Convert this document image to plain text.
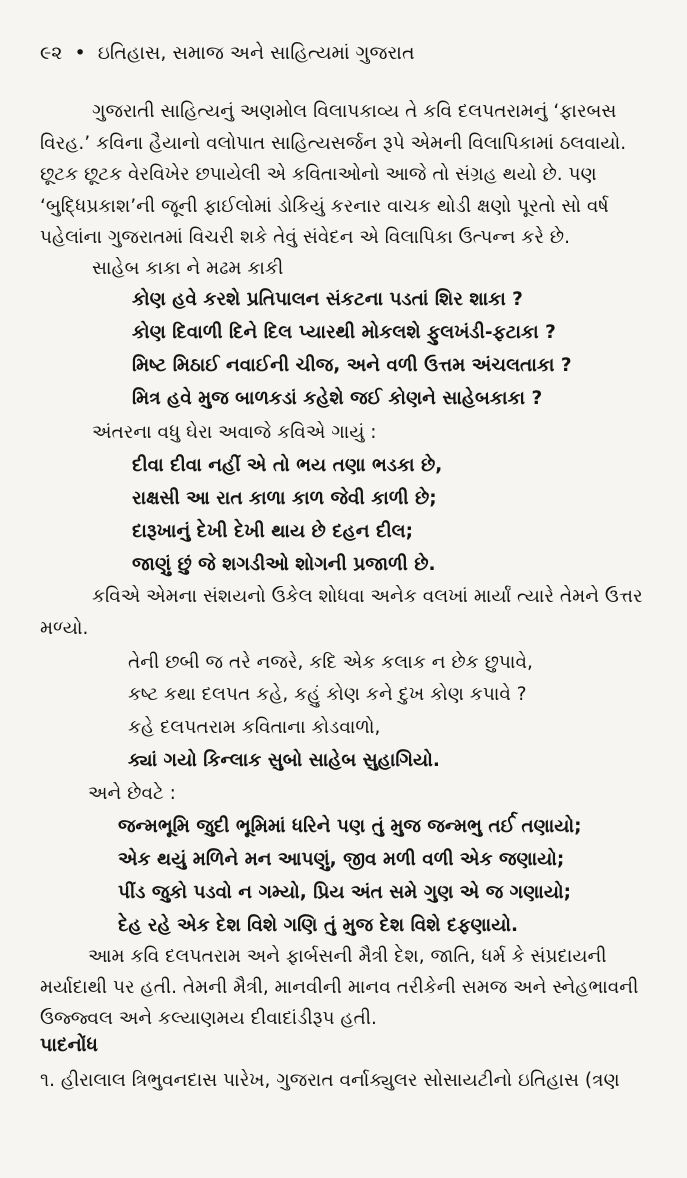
૯૨ • ઇતિહાસ, સમાજ અને સાહિત્યમાં ગુજરાત
ગુજરાતી સાહિત્યનું અણમોલ વિલાપકાવ્ય તે કવિ દલપતરામનું ‘ફારબસ વિરહ.’ કવિના હૈયાનો વલોપાત સાહિત્યસર્જન રૂપે એમની વિલાપિકામાં ઠલવાયો. છૂટક છૂટક વેરવિખેર છપાયેલી એ કવિતાઓનો આજે તો સંગ્રહ થયો છે. પણ ‘બુદ્ધિપ્રકાશ’ની જૂની ફાઈલોમાં ડોકિયું કરનાર વાચક થોડી ક્ષણો પૂરતો સો વર્ષ પહેલાંના ગુજરાતમાં વિચરી શકે તેવું સંવેદન એ વિલાપિકા ઉત્પન્ન કરે છે.
સાહેબ કાકા ને મઢમ કાકી
કોણ હવે કરશે પ્રતિપાલન સંકટના પડતાં શિર શાકા ?
કોણ દિવાળી દિને દિલ પ્યારથી મોકલશે ફુલખંડી-ફટાકા ?
મિષ્ટ મિઠાઈ નવાઈની ચીજ, અને વળી ઉત્તમ અંચલતાકા ?
મિત્ર હવે મુજ બાળકડાં કહેશે જઈ કોણને સાહેબકાકા ?
અંતરના વધુ ઘેરા અવાજે કવિએ ગાયું :
દીવા દીવા નહીં એ તો ભય તણા ભડકા છે,
રાક્ષસી આ રાત કાળા કાળ જેવી કાળી છે;
દારૂખાનું દેખી દેખી થાય છે દહન દીલ;
જાણું છું જે શગડીઓ શોગની પ્રજાળી છે.
કવિએ એમના સંશયનો ઉકેલ શોધવા અનેક વલખાં માર્યાં ત્યારે તેમને ઉત્તર
મળ્યો.
તેની છબી જ તરે નજરે, કદિ એક કલાક ન છેક છુપાવે,
કષ્ટ કથા દલપત કહે, કહું કોણ કને દુખ કોણ કપાવે ?
કહે દલપતરામ કવિતાના કોડવાળો,
ક્યાં ગયો કિન્લાક સુબો સાહેબ સુહાગિયો.
અને છેવટે :
જન્મભૂમિ જુદી ભૂમિમાં ધરિને પણ તું મુજ જન્મભુ તર્ઈ તણાયો;
એક થયું મળિને મન આપણું, જીવ મળી વળી એક જણાયો;
પીંડ જુકો પડવો ન ગમ્યો, પ્રિય અંત સમે ગુણ એ જ ગણાયો;
દેહ રહે એક દેશ વિશે ગણિ તું મુજ દેશ વિશે દફણાયો.
આમ કવિ દલપતરામ અને ફાર્બસની મૈત્રી દેશ, જાતિ, ધર્મ કે સંપ્રદાયની
મર્યાદાથી પર હતી. તેમની મૈત્રી, માનવીની માનવ તરીકેની સમજ અને સ્નેહભાવની
ઉજ્જ્વલ અને કલ્યાણમય દીવાદાંડીરૂપ હતી.
પાદનોંધ
૧. હીરાલાલ ત્રિભુવનદાસ પારેખ, ગુજરાત વર્નાક્યુલર સોસાયટીનો ઇતિહાસ (ત્રણ
